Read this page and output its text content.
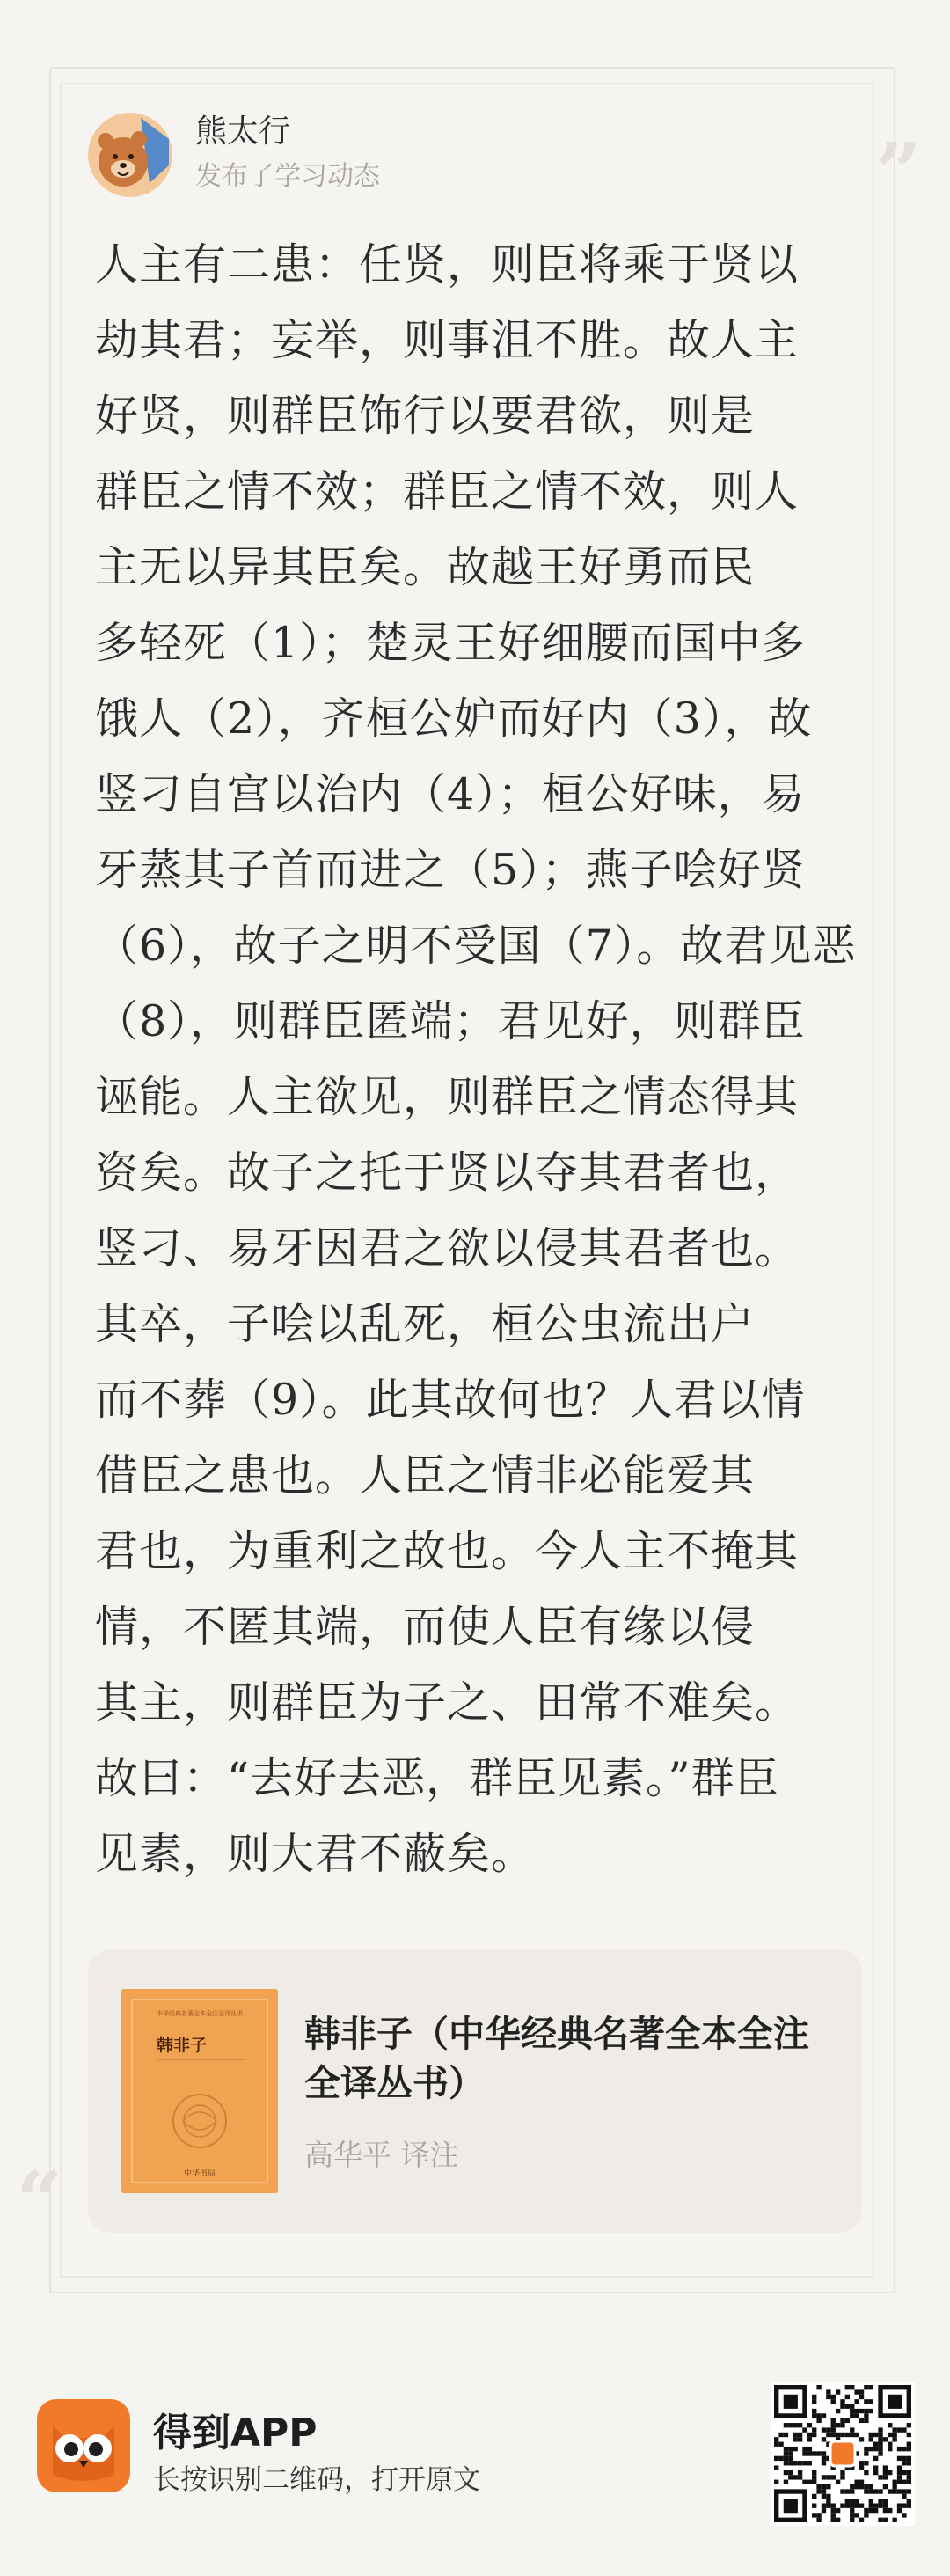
”
“
熊太行
发布了学习动态

人主有二患：任贤，则臣将乘于贤以
劫其君；妄举，则事沮不胜。故人主
好贤，则群臣饰行以要君欲，则是
群臣之情不效；群臣之情不效，则人
主无以异其臣矣。故越王好勇而民
多轻死（1）；楚灵王好细腰而国中多
饿人（2），齐桓公妒而好内（3），故
竖刁自宫以治内（4）；桓公好味，易
牙蒸其子首而进之（5）；燕子哙好贤
（6），故子之明不受国（7）。故君见恶
（8），则群臣匿端；君见好，则群臣
诬能。人主欲见，则群臣之情态得其
资矣。故子之托于贤以夺其君者也，
竖刁、易牙因君之欲以侵其君者也。
其卒，子哙以乱死，桓公虫流出户
而不葬（9）。此其故何也？人君以情
借臣之患也。人臣之情非必能爱其
君也，为重利之故也。今人主不掩其
情，不匿其端，而使人臣有缘以侵
其主，则群臣为子之、田常不难矣。
故曰：“去好去恶，群臣见素。”群臣
见素，则大君不蔽矣。

中华经典名著全本全注全译丛书
韩非子
中华书局
韩非子（中华经典名著全本全注全译丛书）
高华平 译注
得到APP
长按识别二维码，打开原文
